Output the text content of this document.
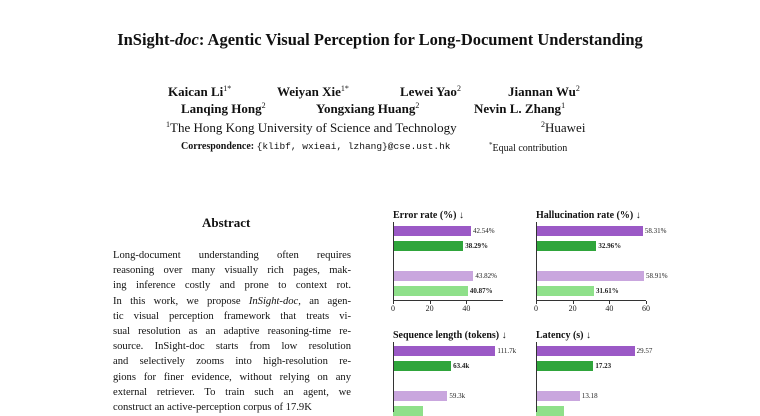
InSight-doc: Agentic Visual Perception for Long-Document Understanding
Kaican $Li^{1*}$	Weiyan Xie$^{1*}$	Lewei Yao$^2$	Jiannan Wu$^2$
Lanqing Hong$^2$	Yongxiang Huang$^2$	Nevin L. Zhang$^1$
$^1$The Hong Kong University of Science and Technology	$^2$Huawei
Correspondence: {klibf, wxieai, lzhang}@cse.ust.hk	*Equal contribution
Abstract
Long-document understanding often requires
reasoning over many visually rich pages, mak-
ing inference costly and prone to context rot.
In this work, we propose InSight-doc, an agen-
tic visual perception framework that treats vi-
sual resolution as an adaptive reasoning-time re-
source. InSight-doc starts from low resolution
and selectively zooms into high-resolution re-
gions for finer evidence, without relying on any
external retriever. To train such an agent, we
construct an active-perception corpus of 17.9K
Error rate (%) ↓
42.54%
38.29%
43.82%
40.87%
0	20	40
Hallucination rate (%) ↓
58.31%
32.96%
58.91%
31.61%
0	20	40	60
Sequence length (tokens) ↓
111.7k
63.4k
59.3k
Latency (s) ↓
29.57
17.23
13.18
